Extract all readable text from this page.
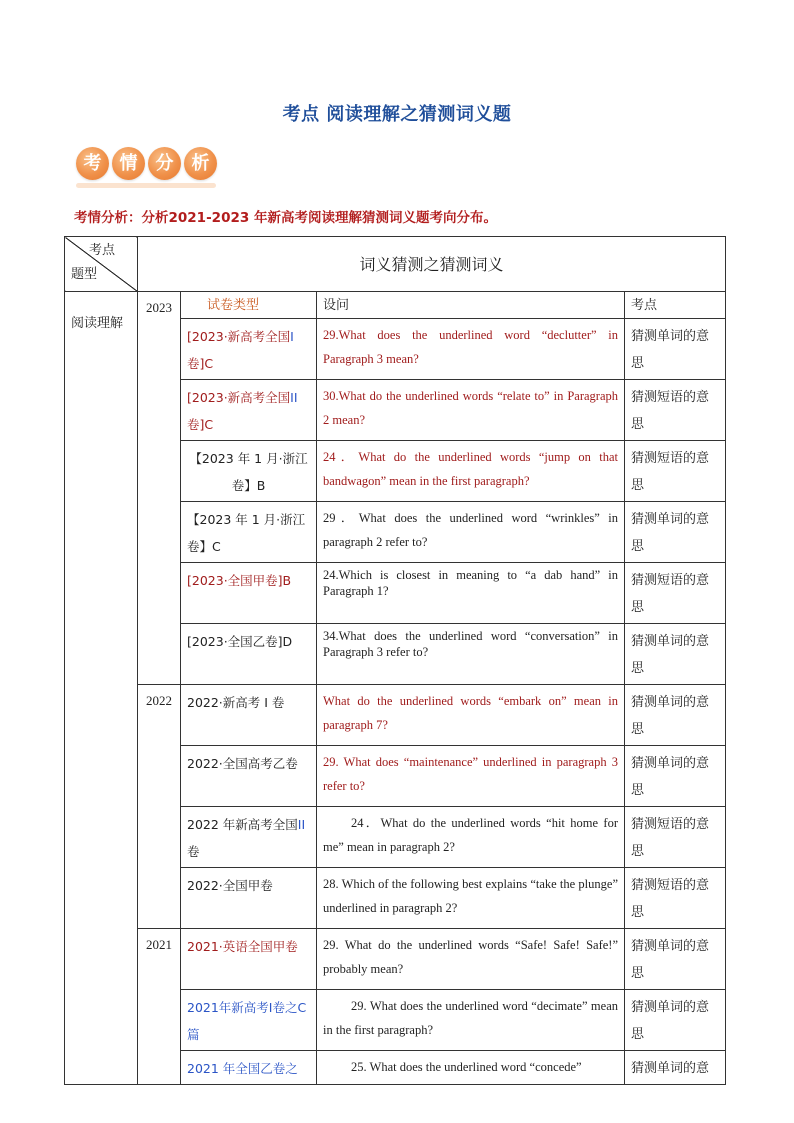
考点 阅读理解之猜测词义题
考	情	分	析
考情分析：分析2021-2023 年新高考阅读理解猜测词义题考向分布。
考点
题型	词义猜测之猜测词义			
阅读理解	2023	试卷类型	设问	考点
		[2023·新高考全国I卷]C	29.What does the underlined word “declutter” in Paragraph 3 mean?	猜测单词的意思
		[2023·新高考全国II卷]C	30.What do the underlined words “relate to” in Paragraph 2 mean?	猜测短语的意思
		【2023 年 1 月·浙江卷】B	24．What do the underlined words “jump on that bandwagon” mean in the first paragraph?	猜测短语的意思
		【2023 年 1 月·浙江卷】C	29．What does the underlined word “wrinkles” in paragraph 2 refer to?	猜测单词的意思
		[2023·全国甲卷]B	24.Which is closest in meaning to “a dab hand” in Paragraph 1?	猜测短语的意思
		[2023·全国乙卷]D	34.What does the underlined word “conversation” in Paragraph 3 refer to?	猜测单词的意思
	2022	2022·新高考 I 卷	What do the underlined words “embark on” mean in paragraph 7?	猜测单词的意思
		2022·全国高考乙卷	29. What does “maintenance” underlined in paragraph 3 refer to?	猜测单词的意思
		2022 年新高考全国II卷	24．What do the underlined words “hit home for me” mean in paragraph 2?	猜测短语的意思
		2022·全国甲卷	28. Which of the following best explains “take the plunge” underlined in paragraph 2?	猜测短语的意思
	2021	2021·英语全国甲卷	29. What do the underlined words “Safe! Safe! Safe!” probably mean?	猜测单词的意思
		2021年新高考I卷之C 篇	29. What does the underlined word “decimate” mean in the first paragraph?	猜测单词的意思
		2021 年全国乙卷之	25. What does the underlined word “concede”	猜测单词的意
